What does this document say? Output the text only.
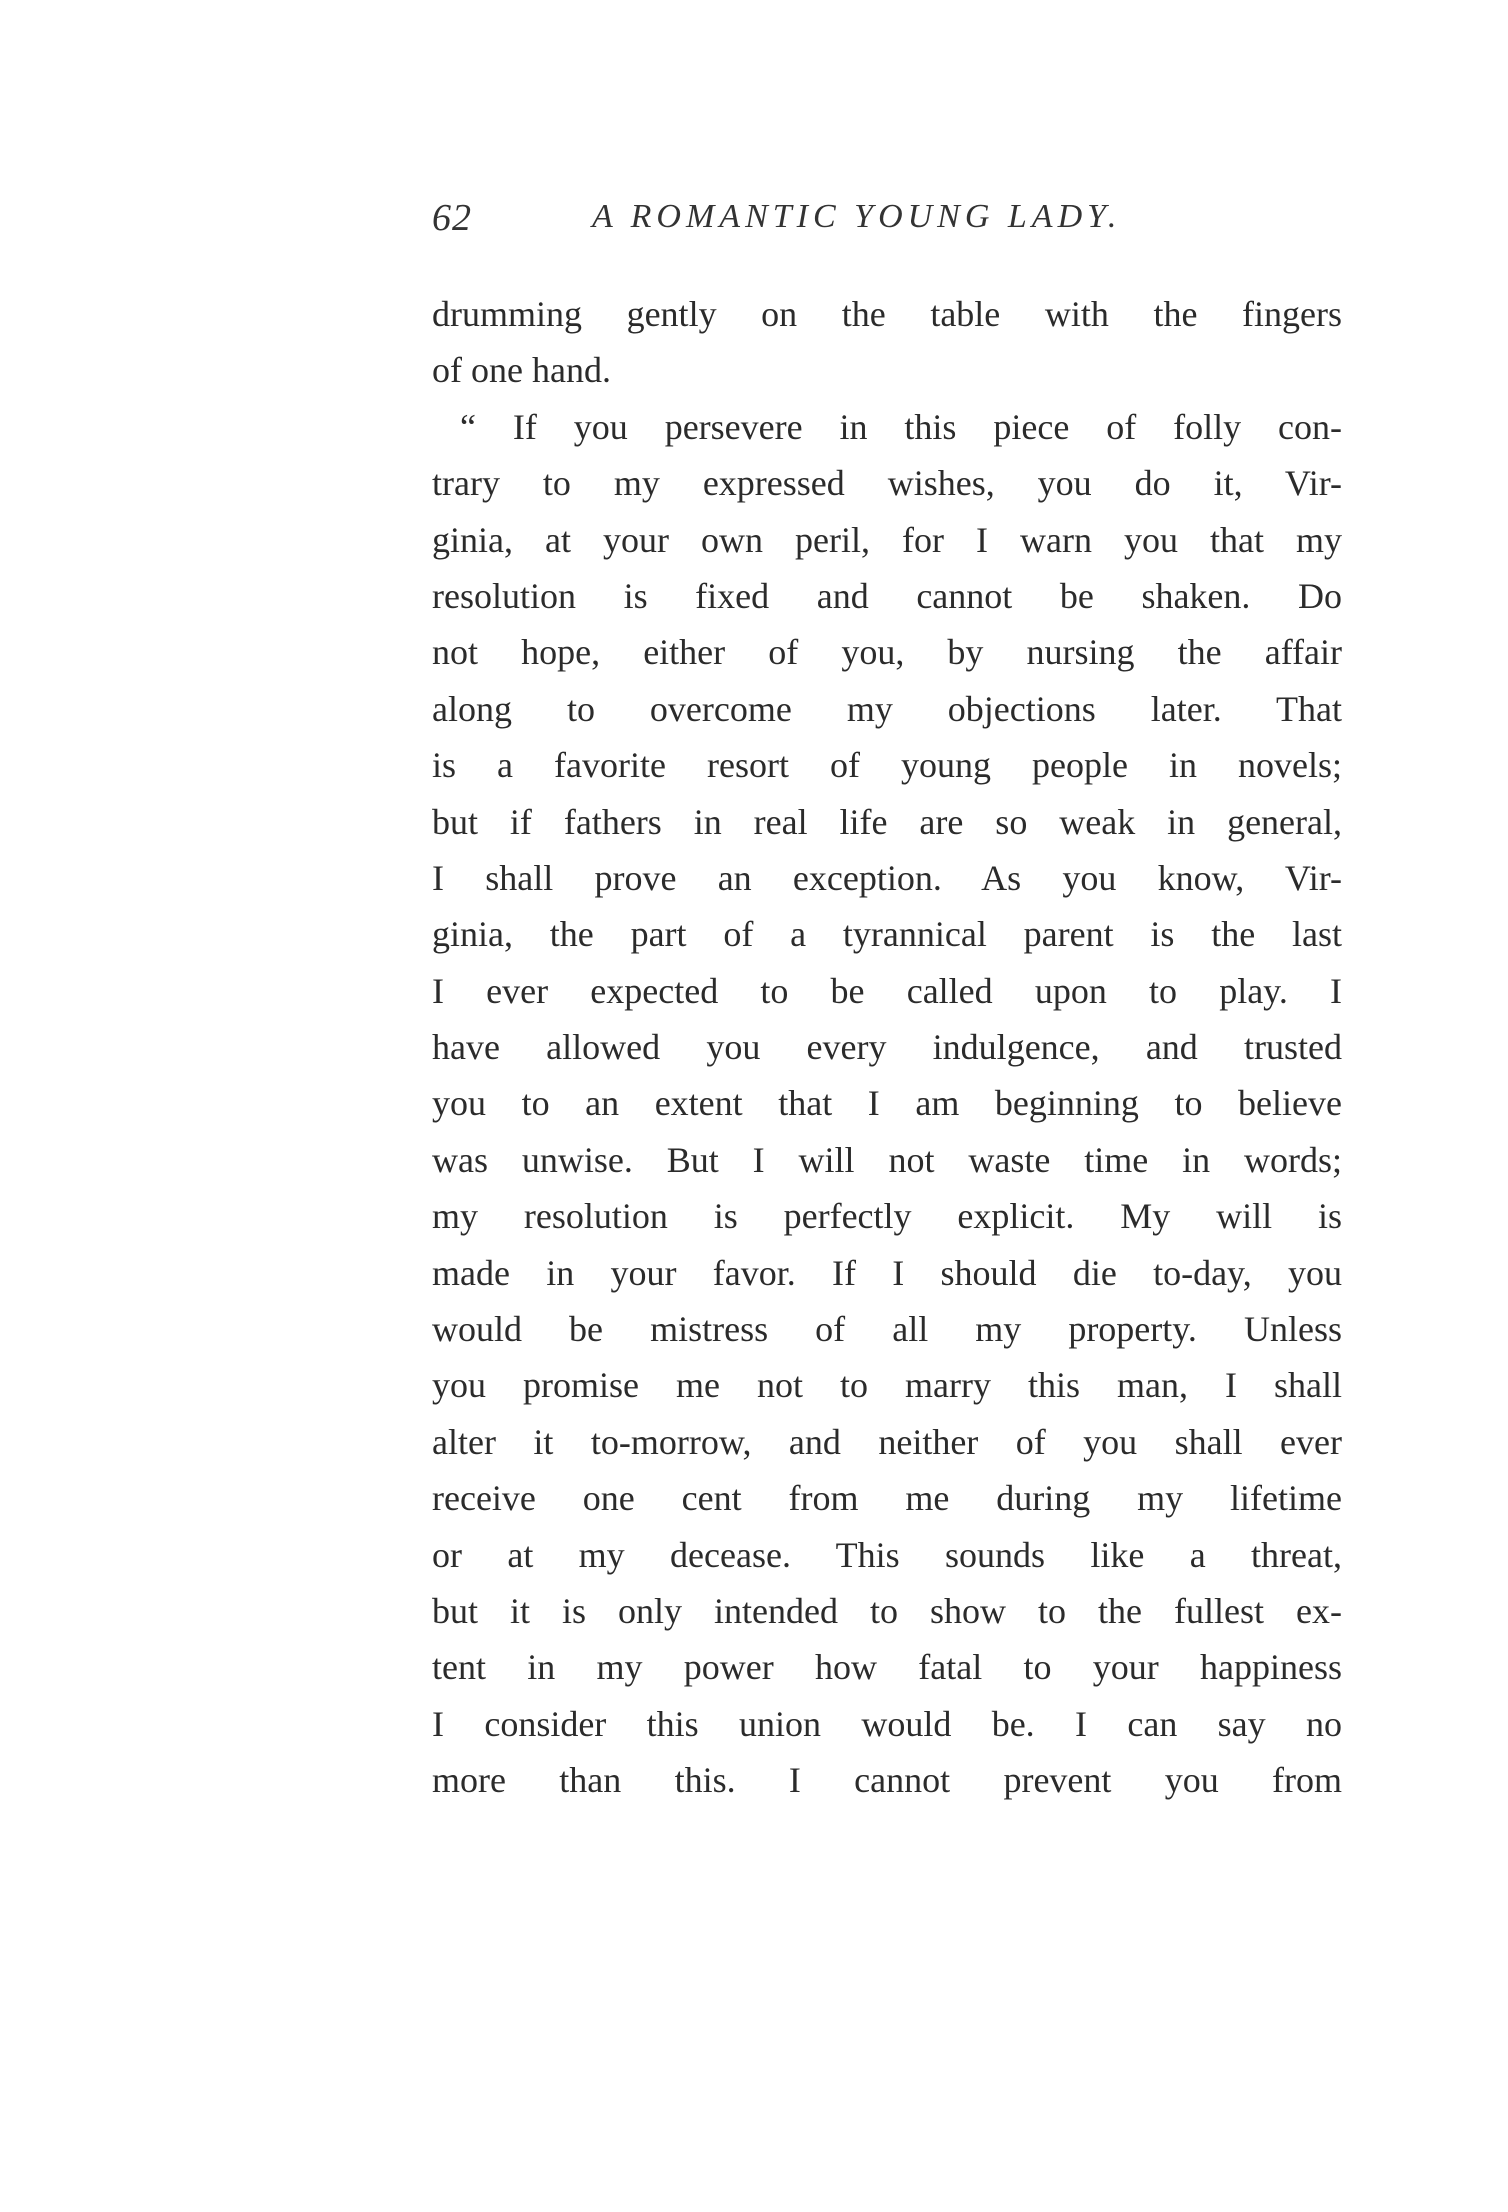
62	A ROMANTIC YOUNG LADY.
drumming gently on the table with the fingers
of one hand.
“ If you persevere in this piece of folly con-
trary to my expressed wishes, you do it, Vir-
ginia, at your own peril, for I warn you that my
resolution is fixed and cannot be shaken. Do
not hope, either of you, by nursing the affair
along to overcome my objections later. That
is a favorite resort of young people in novels;
but if fathers in real life are so weak in general,
I shall prove an exception. As you know, Vir-
ginia, the part of a tyrannical parent is the last
I ever expected to be called upon to play. I
have allowed you every indulgence, and trusted
you to an extent that I am beginning to believe
was unwise. But I will not waste time in words;
my resolution is perfectly explicit. My will is
made in your favor. If I should die to-day, you
would be mistress of all my property. Unless
you promise me not to marry this man, I shall
alter it to-morrow, and neither of you shall ever
receive one cent from me during my lifetime
or at my decease. This sounds like a threat,
but it is only intended to show to the fullest ex-
tent in my power how fatal to your happiness
I consider this union would be. I can say no
more than this. I cannot prevent you from
